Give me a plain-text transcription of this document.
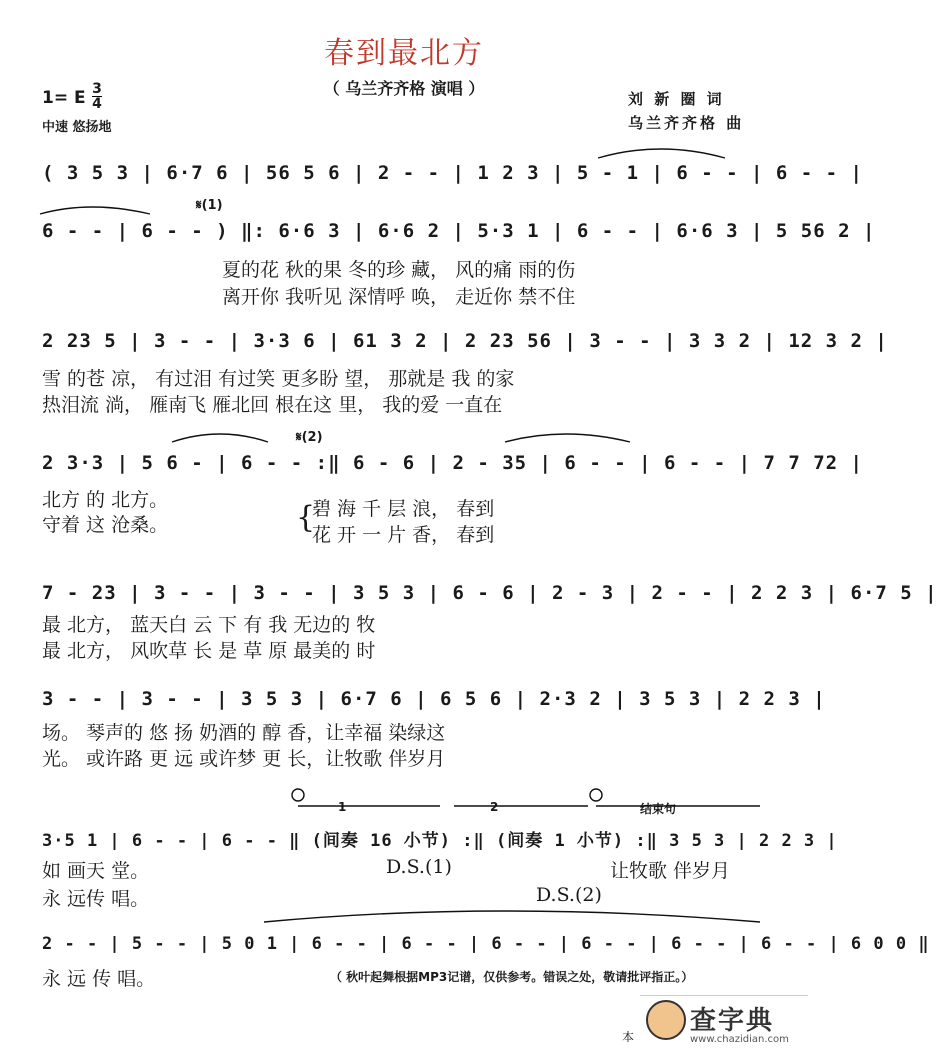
春到最北方
（ 乌兰齐齐格 演唱 ）
1= E 3
4
中速 悠扬地
刘 新 圈 词
乌兰齐齐格 曲
( 3 5 3 | 6·7 6 | 56 5 6 | 2 - - | 1 2 3 | 5 - 1 | 6 - - | 6 - - |
𝄋(1)
6 - - | 6 - - ) ‖: 6·6 3 | 6·6 2 | 5·3 1 | 6 - - | 6·6 3 | 5 56 2 |
夏的花 秋的果 冬的珍 藏， 风的痛 雨的伤
离开你 我听见 深情呼 唤， 走近你 禁不住
2 23 5 | 3 - - | 3·3 6 | 61 3 2 | 2 23 56 | 3 - - | 3 3 2 | 12 3 2 |
雪 的苍 凉， 有过泪 有过笑 更多盼 望， 那就是 我 的家
热泪流 淌， 雁南飞 雁北回 根在这 里， 我的爱 一直在
𝄋(2)
2 3·3 | 5 6 - | 6 - - :‖ 6 - 6 | 2 - 35 | 6 - - | 6 - - | 7 7 72 |
北方 的 北方。
守着 这 沧桑。	{
碧 海 千 层 浪， 春到
花 开 一 片 香， 春到
7 - 23 | 3 - - | 3 - - | 3 5 3 | 6 - 6 | 2 - 3 | 2 - - | 2 2 3 | 6·7 5 |
最 北方， 蓝天白 云 下 有 我 无边的 牧
最 北方， 风吹草 长 是 草 原 最美的 时
3 - - | 3 - - | 3 5 3 | 6·7 6 | 6 5 6 | 2·3 2 | 3 5 3 | 2 2 3 |
场。 琴声的 悠 扬 奶酒的 醇 香，让幸福 染绿这
光。 或许路 更 远 或许梦 更 长，让牧歌 伴岁月
1	2	结束句
3·5 1 | 6 - - | 6 - - ‖ (间奏 16 小节) :‖ (间奏 1 小节) :‖ 3 5 3 | 2 2 3 |
如 画天 堂。
永 远传 唱。
D.S.(1)
D.S.(2)
让牧歌 伴岁月
2 - - | 5 - - | 5 0 1 | 6 - - | 6 - - | 6 - - | 6 - - | 6 - - | 6 - - | 6 0 0 ‖
永 远 传 唱。	（ 秋叶起舞根据MP3记谱，仅供参考。错误之处，敬请批评指正。）
本
查字典
www.chazidian.com
